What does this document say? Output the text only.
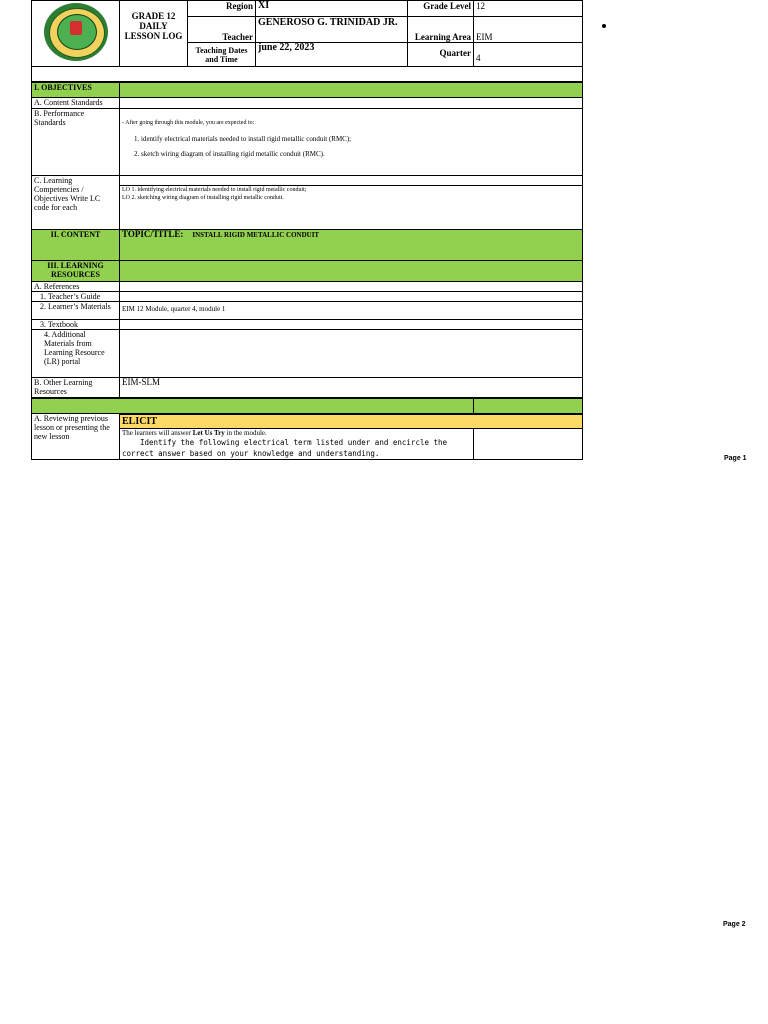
	GRADE 12 DAILY LESSON LOG	Region	XI	Grade Level	12
		Teacher	GENEROSO G. TRINIDAD JR.	Learning Area	EIM
		Teaching Dates and Time	june 22, 2023	Quarter	4

I. OBJECTIVES					
A. Content Standards					
B. Performance Standards	- After going through this module, you are expected to:
1. identify electrical materials needed to install rigid metallic conduit (RMC);
2. sketch wiring diagram of installing rigid metallic conduit (RMC).				

C. Learning Competencies / Objectives Write LC code for each					

	LO 1. identifying electrical materials needed to install rigid metallic conduit;
LO 2. sketching wiring diagram of installing rigid metallic conduit.				

II. CONTENT	TOPIC/TITLE: INSTALL RIGID METALLIC CONDUIT				
III. LEARNING RESOURCES					
A. References					
1. Teacher’s Guide					
2. Learner’s Materials	EIM 12 Module, quarter 4, module 1				
3. Textbook					
4. Additional Materials from Learning Resource (LR) portal					
B. Other Learning Resources	EIM-SLM				

A. Reviewing previous lesson or presenting the new lesson	ELICIT				

	The learners will answer Let Us Try in the module.
Identify the following electrical term listed under and encircle the correct answer based on your knowledge and understanding.				

Page 1
Page 2
